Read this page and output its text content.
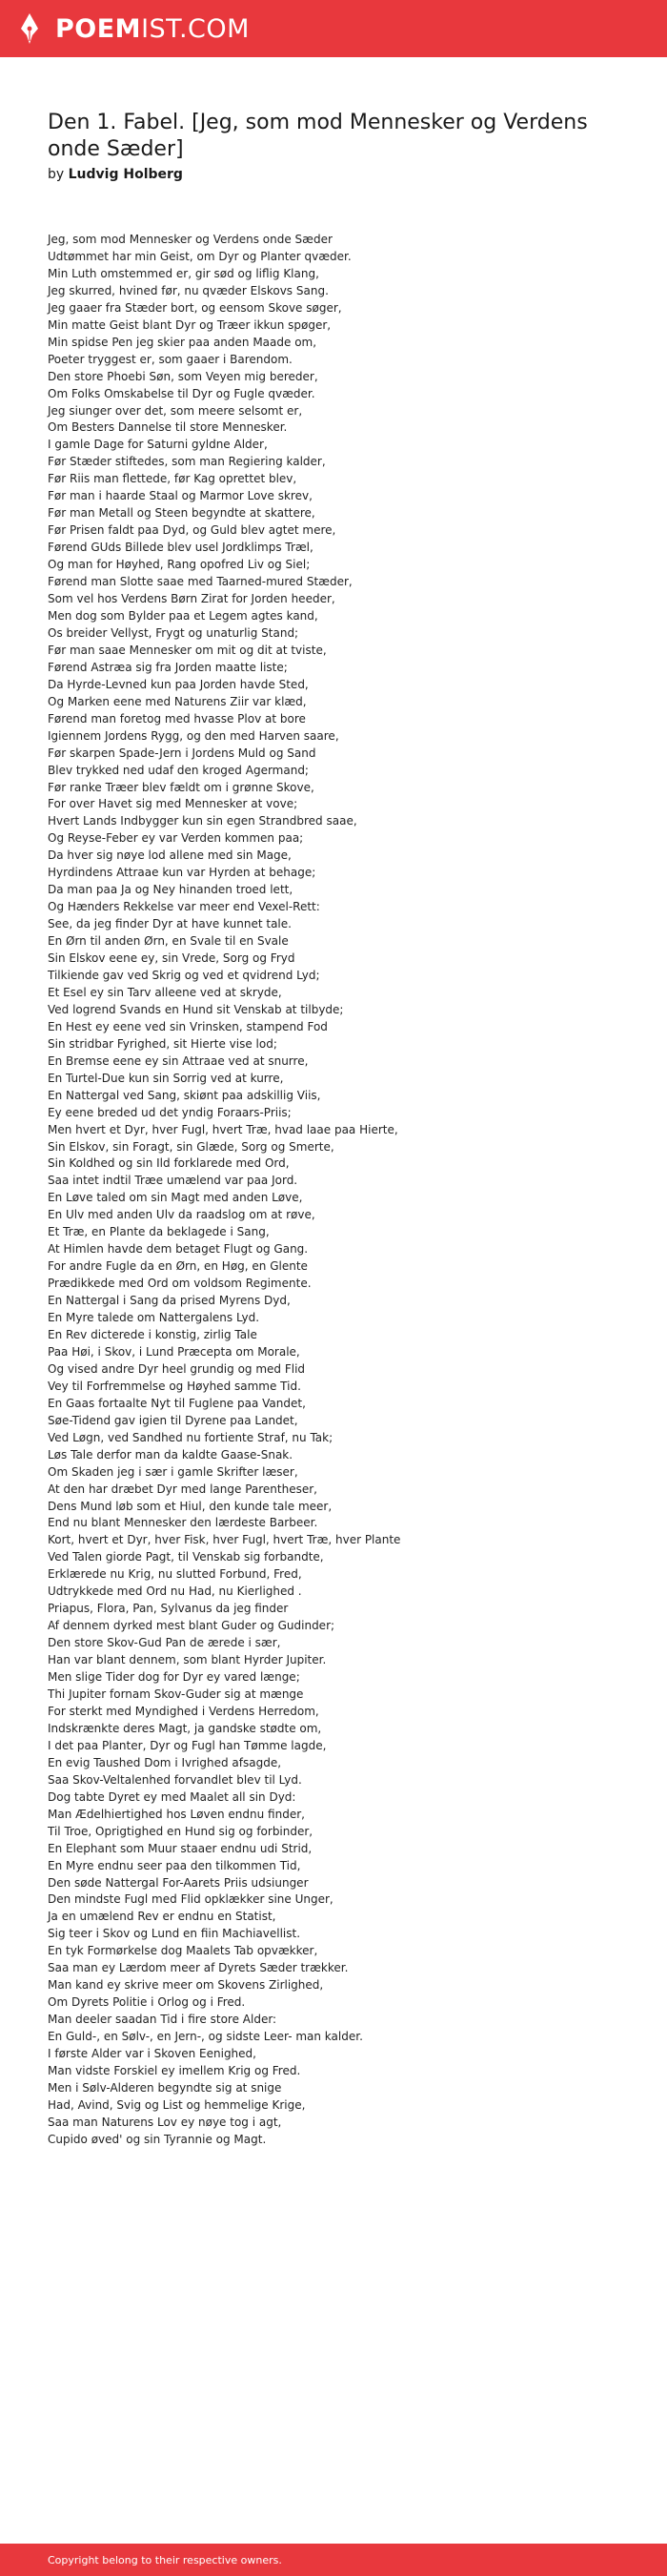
POEMIST.COM
Den 1. Fabel. [Jeg, som mod Mennesker og Verdens onde Sæder]
by Ludvig Holberg
Jeg, som mod Mennesker og Verdens onde Sæder
Udtømmet har min Geist, om Dyr og Planter qvæder.
Min Luth omstemmed er, gir sød og liflig Klang,
Jeg skurred, hvined før, nu qvæder Elskovs Sang.
Jeg gaaer fra Stæder bort, og eensom Skove søger,
Min matte Geist blant Dyr og Træer ikkun spøger,
Min spidse Pen jeg skier paa anden Maade om,
Poeter tryggest er, som gaaer i Barendom.
Den store Phoebi Søn, som Veyen mig bereder,
Om Folks Omskabelse til Dyr og Fugle qvæder.
Jeg siunger over det, som meere selsomt er,
Om Besters Dannelse til store Mennesker.
I gamle Dage for Saturni gyldne Alder,
Før Stæder stiftedes, som man Regiering kalder,
Før Riis man flettede, før Kag oprettet blev,
Før man i haarde Staal og Marmor Love skrev,
Før man Metall og Steen begyndte at skattere,
Før Prisen faldt paa Dyd, og Guld blev agtet mere,
Førend GUds Billede blev usel Jordklimps Træl,
Og man for Høyhed, Rang opofred Liv og Siel;
Førend man Slotte saae med Taarned-mured Stæder,
Som vel hos Verdens Børn Zirat for Jorden heeder,
Men dog som Bylder paa et Legem agtes kand,
Os breider Vellyst, Frygt og unaturlig Stand;
Før man saae Mennesker om mit og dit at tviste,
Førend Astræa sig fra Jorden maatte liste;
Da Hyrde-Levned kun paa Jorden havde Sted,
Og Marken eene med Naturens Ziir var klæd,
Førend man foretog med hvasse Plov at bore
Igiennem Jordens Rygg, og den med Harven saare,
Før skarpen Spade-Jern i Jordens Muld og Sand
Blev trykked ned udaf den kroged Agermand;
Før ranke Træer blev fældt om i grønne Skove,
For over Havet sig med Mennesker at vove;
Hvert Lands Indbygger kun sin egen Strandbred saae,
Og Reyse-Feber ey var Verden kommen paa;
Da hver sig nøye lod allene med sin Mage,
Hyrdindens Attraae kun var Hyrden at behage;
Da man paa Ja og Ney hinanden troed lett,
Og Hænders Rekkelse var meer end Vexel-Rett:
See, da jeg finder Dyr at have kunnet tale.
En Ørn til anden Ørn, en Svale til en Svale
Sin Elskov eene ey, sin Vrede, Sorg og Fryd
Tilkiende gav ved Skrig og ved et qvidrend Lyd;
Et Esel ey sin Tarv alleene ved at skryde,
Ved logrend Svands en Hund sit Venskab at tilbyde;
En Hest ey eene ved sin Vrinsken, stampend Fod
Sin stridbar Fyrighed, sit Hierte vise lod;
En Bremse eene ey sin Attraae ved at snurre,
En Turtel-Due kun sin Sorrig ved at kurre,
En Nattergal ved Sang, skiønt paa adskillig Viis,
Ey eene breded ud det yndig Foraars-Priis;
Men hvert et Dyr, hver Fugl, hvert Træ, hvad laae paa Hierte,
Sin Elskov, sin Foragt, sin Glæde, Sorg og Smerte,
Sin Koldhed og sin Ild forklarede med Ord,
Saa intet indtil Træe umælend var paa Jord.
En Løve taled om sin Magt med anden Løve,
En Ulv med anden Ulv da raadslog om at røve,
Et Træ, en Plante da beklagede i Sang,
At Himlen havde dem betaget Flugt og Gang.
For andre Fugle da en Ørn, en Høg, en Glente
Prædikkede med Ord om voldsom Regimente.
En Nattergal i Sang da prised Myrens Dyd,
En Myre talede om Nattergalens Lyd.
En Rev dicterede i konstig, zirlig Tale
Paa Høi, i Skov, i Lund Præcepta om Morale,
Og vised andre Dyr heel grundig og med Flid
Vey til Forfremmelse og Høyhed samme Tid.
En Gaas fortaalte Nyt til Fuglene paa Vandet,
Søe-Tidend gav igien til Dyrene paa Landet,
Ved Løgn, ved Sandhed nu fortiente Straf, nu Tak;
Løs Tale derfor man da kaldte Gaase-Snak.
Om Skaden jeg i sær i gamle Skrifter læser,
At den har dræbet Dyr med lange Parentheser,
Dens Mund løb som et Hiul, den kunde tale meer,
End nu blant Mennesker den lærdeste Barbeer.
Kort, hvert et Dyr, hver Fisk, hver Fugl, hvert Træ, hver Plante
Ved Talen giorde Pagt, til Venskab sig forbandte,
Erklærede nu Krig, nu slutted Forbund, Fred,
Udtrykkede med Ord nu Had, nu Kierlighed .
Priapus, Flora, Pan, Sylvanus da jeg finder
Af dennem dyrked mest blant Guder og Gudinder;
Den store Skov-Gud Pan de ærede i sær,
Han var blant dennem, som blant Hyrder Jupiter.
Men slige Tider dog for Dyr ey vared længe;
Thi Jupiter fornam Skov-Guder sig at mænge
For sterkt med Myndighed i Verdens Herredom,
Indskrænkte deres Magt, ja gandske stødte om,
I det paa Planter, Dyr og Fugl han Tømme lagde,
En evig Taushed Dom i Ivrighed afsagde,
Saa Skov-Veltalenhed forvandlet blev til Lyd.
Dog tabte Dyret ey med Maalet all sin Dyd:
Man Ædelhiertighed hos Løven endnu finder,
Til Troe, Oprigtighed en Hund sig og forbinder,
En Elephant som Muur staaer endnu udi Strid,
En Myre endnu seer paa den tilkommen Tid,
Den søde Nattergal For-Aarets Priis udsiunger
Den mindste Fugl med Flid opklækker sine Unger,
Ja en umælend Rev er endnu en Statist,
Sig teer i Skov og Lund en fiin Machiavellist.
En tyk Formørkelse dog Maalets Tab opvækker,
Saa man ey Lærdom meer af Dyrets Sæder trækker.
Man kand ey skrive meer om Skovens Zirlighed,
Om Dyrets Politie i Orlog og i Fred.
Man deeler saadan Tid i fire store Alder:
En Guld-, en Sølv-, en Jern-, og sidste Leer- man kalder.
I første Alder var i Skoven Eenighed,
Man vidste Forskiel ey imellem Krig og Fred.
Men i Sølv-Alderen begyndte sig at snige
Had, Avind, Svig og List og hemmelige Krige,
Saa man Naturens Lov ey nøye tog i agt,
Cupido øved' og sin Tyrannie og Magt.
Copyright belong to their respective owners.
